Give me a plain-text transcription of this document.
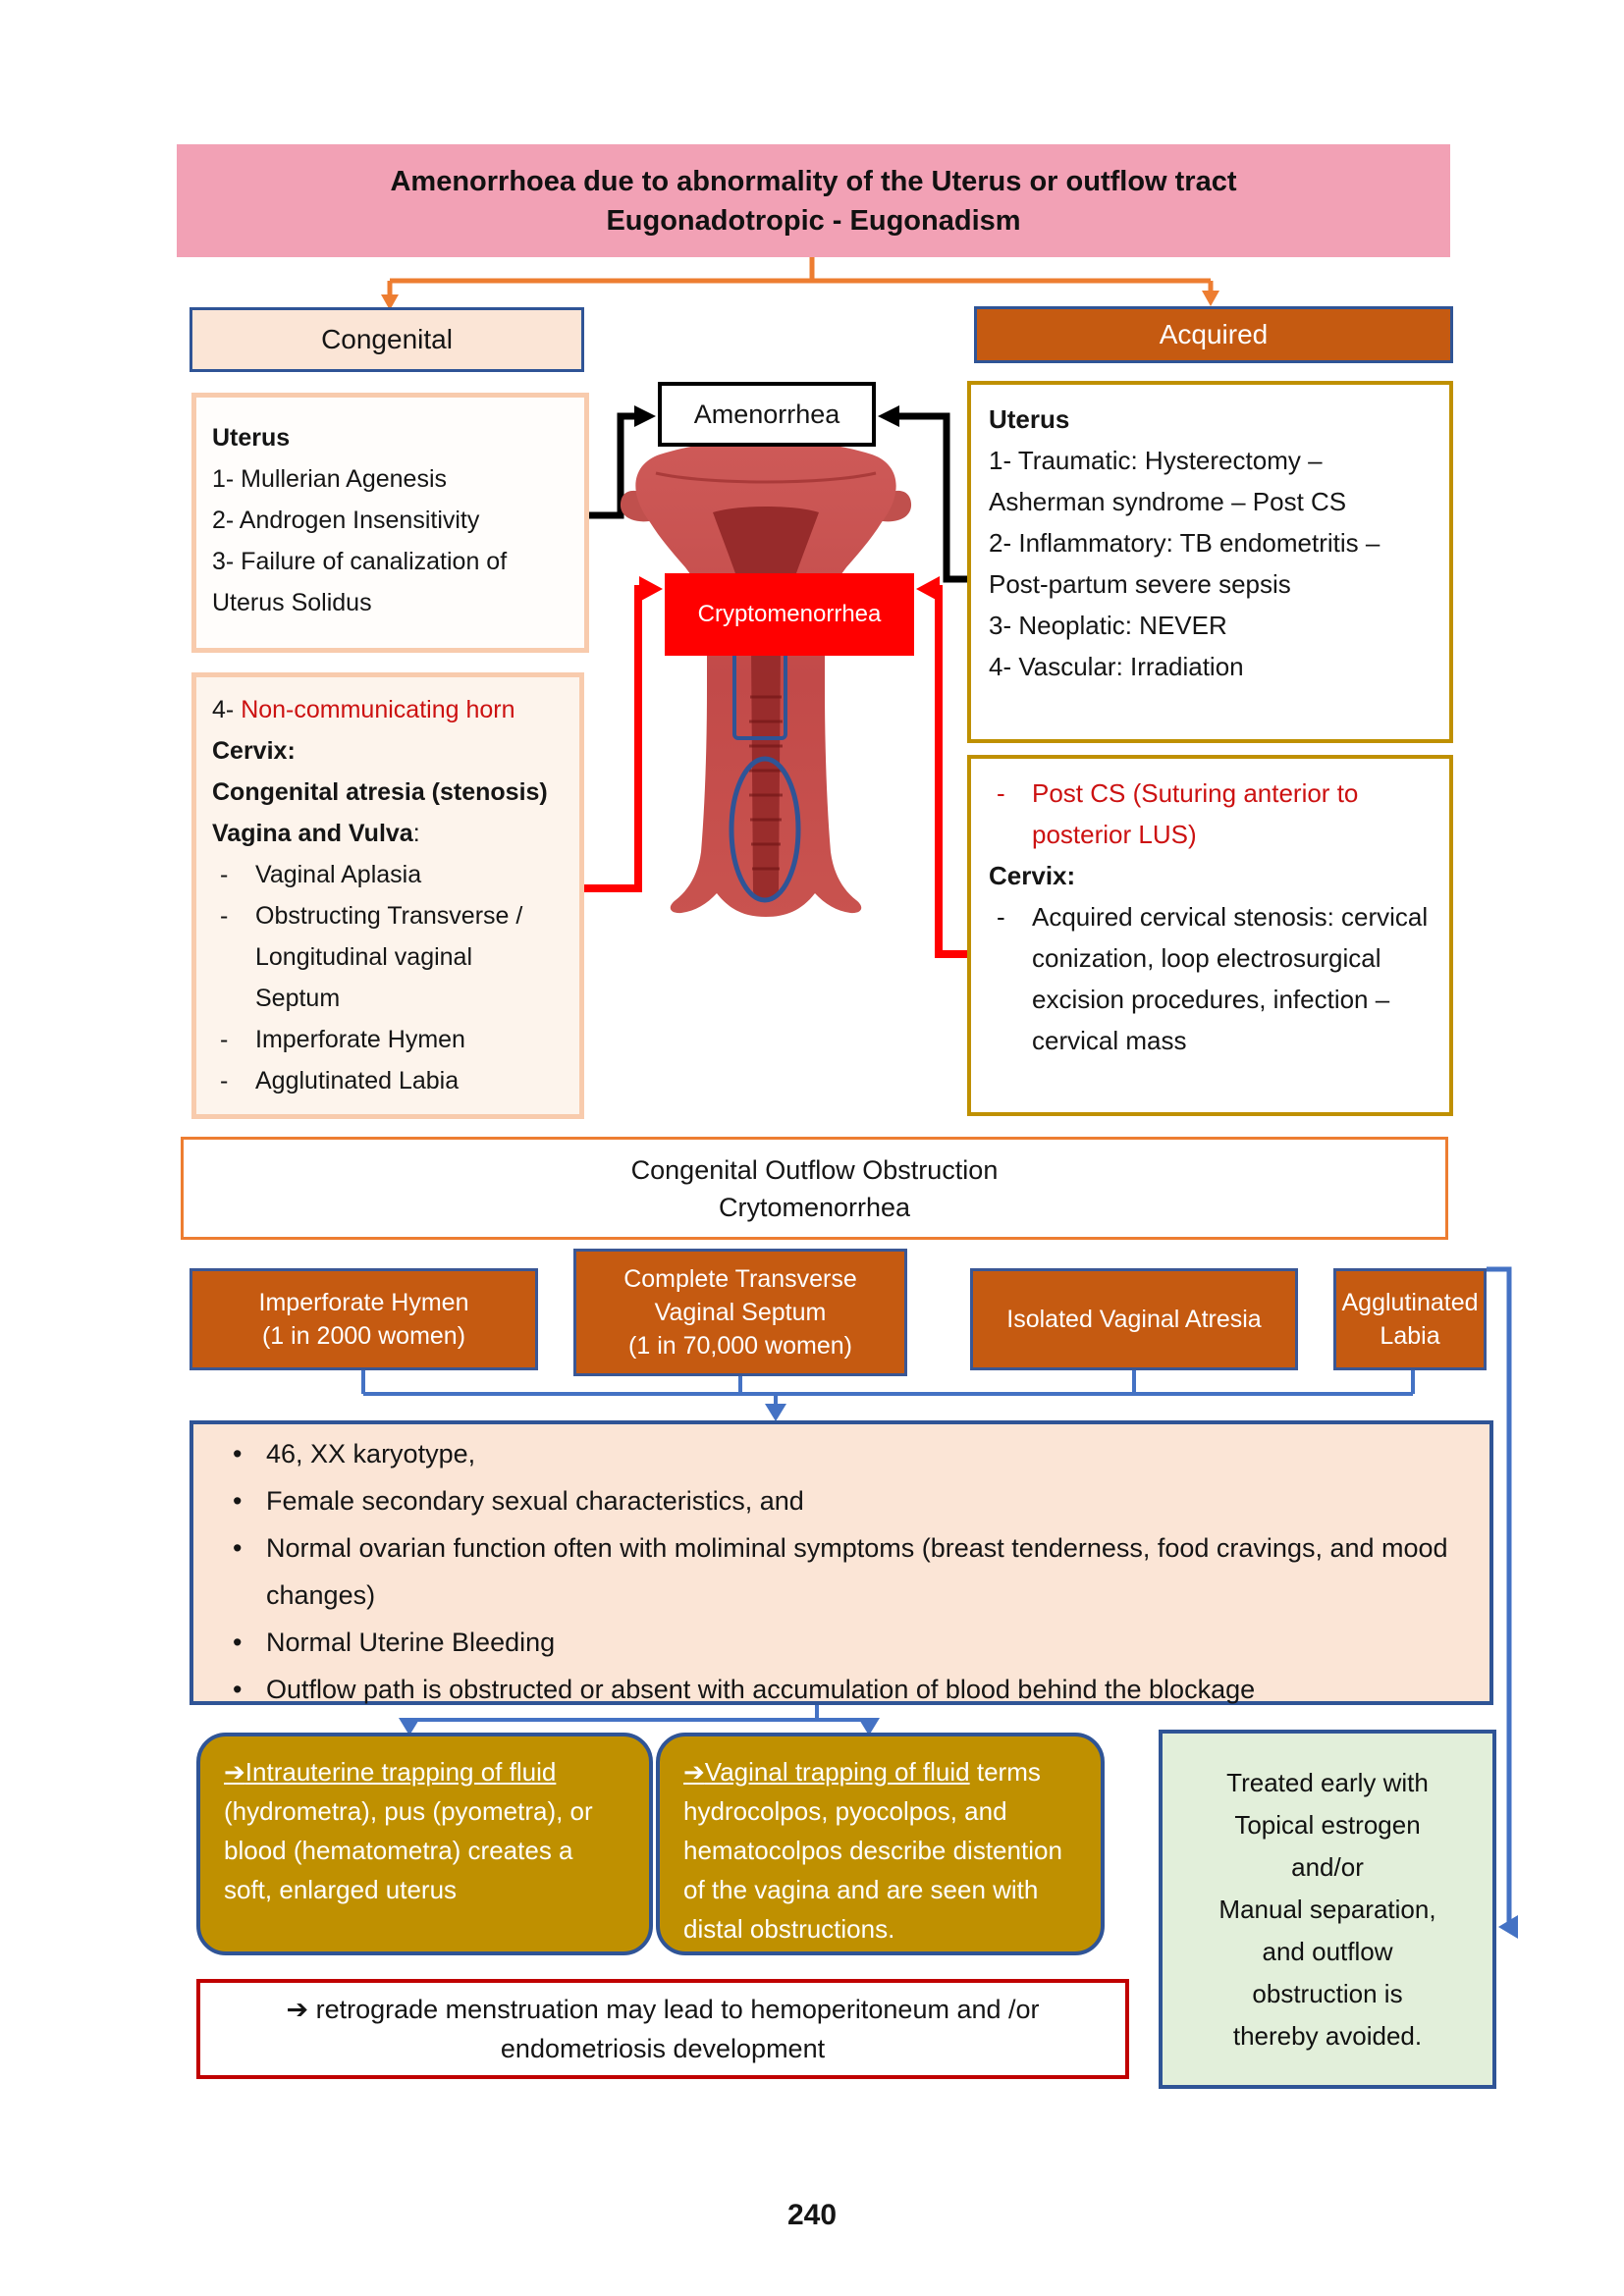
Amenorrhoea due to abnormality of the Uterus or outflow tract
Eugonadotropic - Eugonadism
Congenital	Acquired
Uterus
1- Mullerian Agenesis
2- Androgen Insensitivity
3- Failure of canalization of Uterus Solidus
4- Non-communicating horn
Cervix:
Congenital atresia (stenosis)
Vagina and Vulva:
- Vaginal Aplasia
- Obstructing Transverse / Longitudinal vaginal Septum
- Imperforate Hymen
- Agglutinated Labia
Amenorrhea
Cryptomenorrhea
Uterus
1- Traumatic: Hysterectomy – Asherman syndrome – Post CS
2- Inflammatory: TB endometritis – Post-partum severe sepsis
3- Neoplatic: NEVER
4- Vascular: Irradiation
- Post CS (Suturing anterior to posterior LUS)
Cervix:
- Acquired cervical stenosis: cervical conization, loop electrosurgical excision procedures, infection – cervical mass
Congenital Outflow Obstruction
Crytomenorrhea
Imperforate Hymen
(1 in 2000 women)
Complete Transverse Vaginal Septum
(1 in 70,000 women)
Isolated Vaginal Atresia
Agglutinated Labia
• 46, XX karyotype,
• Female secondary sexual characteristics, and
• Normal ovarian function often with moliminal symptoms (breast tenderness, food cravings, and mood changes)
• Normal Uterine Bleeding
• Outflow path is obstructed or absent with accumulation of blood behind the blockage
➔Intrauterine trapping of fluid (hydrometra), pus (pyometra), or blood (hematometra) creates a soft, enlarged uterus
➔Vaginal trapping of fluid terms hydrocolpos, pyocolpos, and hematocolpos describe distention of the vagina and are seen with distal obstructions.
Treated early with
Topical estrogen
and/or
Manual separation,
and outflow
obstruction is
thereby avoided.
➔ retrograde menstruation may lead to hemoperitoneum and /or endometriosis development
240
